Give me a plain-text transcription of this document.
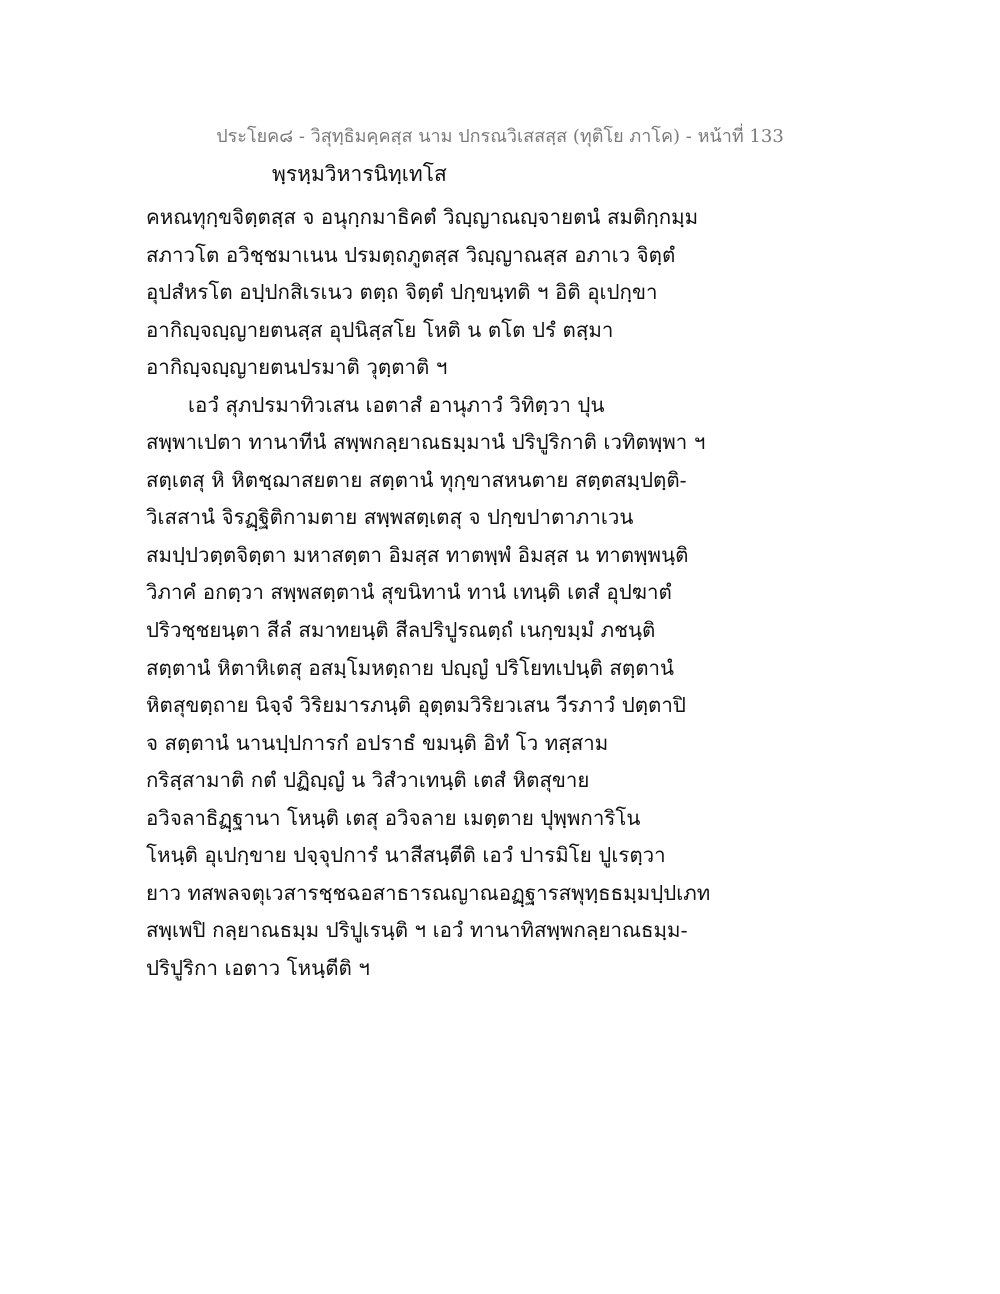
ประโยค๘ - วิสุทฺธิมคฺคสฺส นาม ปกรณวิเสสสฺส (ทุติโย ภาโค) - หน้าที่ 133
พฺรหฺมวิหารนิทฺเทโส
คหณทุกฺขจิตฺตสฺส จ อนุกฺกมาธิคตํ วิญฺญาณญฺจายตนํ สมติกฺกมฺม
สภาวโต อวิชฺชมาเนน ปรมตฺถภูตสฺส วิญฺญาณสฺส อภาเว จิตฺตํ
อุปสํหรโต อปฺปกสิเรเนว ตตฺถ จิตฺตํ ปกฺขนฺทติ ฯ อิติ อุเปกฺขา
อากิญฺจญฺญายตนสฺส อุปนิสฺสโย โหติ น ตโต ปรํ ตสฺมา
อากิญฺจญฺญายตนปรมาติ วุตฺตาติ ฯ
เอวํ สุภปรมาทิวเสน เอตาสํ อานุภาวํ วิทิตฺวา ปุน
สพฺพาเปตา ทานาทีนํ สพฺพกลฺยาณธมฺมานํ ปริปูริกาติ เวทิตพฺพา ฯ
สตฺเตสุ หิ หิตชฺฌาสยตาย สตฺตานํ ทุกฺขาสหนตาย สตฺตสมฺปตฺติ-
วิเสสานํ จิรฏฺฐิติกามตาย สพฺพสตฺเตสุ จ ปกฺขปาตาภาเวน
สมปฺปวตฺตจิตฺตา มหาสตฺตา อิมสฺส ทาตพฺพํ อิมสฺส น ทาตพฺพนฺติ
วิภาคํ อกตฺวา สพฺพสตฺตานํ สุขนิทานํ ทานํ เทนฺติ เตสํ อุปฆาตํ
ปริวชฺชยนฺตา สีลํ สมาทยนฺติ สีลปริปูรณตฺถํ เนกฺขมฺมํ ภชนฺติ
สตฺตานํ หิตาหิเตสุ อสมฺโมหตฺถาย ปญฺญํ ปริโยทเปนฺติ สตฺตานํ
หิตสุขตฺถาย นิจฺจํ วิริยมารภนฺติ อุตฺตมวิริยวเสน วีรภาวํ ปตฺตาปิ
จ สตฺตานํ นานปฺปการกํ อปราธํ ขมนฺติ อิทํ โว ทสฺสาม
กริสฺสามาติ กตํ ปฏิญฺญํ น วิสํวาเทนฺติ เตสํ หิตสุขาย
อวิจลาธิฏฺฐานา โหนฺติ เตสุ อวิจลาย เมตฺตาย ปุพฺพการิโน
โหนฺติ อุเปกฺขาย ปจฺจุปการํ นาสีสนฺตีติ เอวํ ปารมิโย ปูเรตฺวา
ยาว ทสพลจตุเวสารชฺชฉอสาธารณญาณอฏฺฐารสพุทฺธธมฺมปฺปเภท
สพฺเพปิ กลฺยาณธมฺม ปริปูเรนฺติ ฯ เอวํ ทานาทิสพฺพกลฺยาณธมฺม-
ปริปูริกา เอตาว โหนฺตีติ ฯ
